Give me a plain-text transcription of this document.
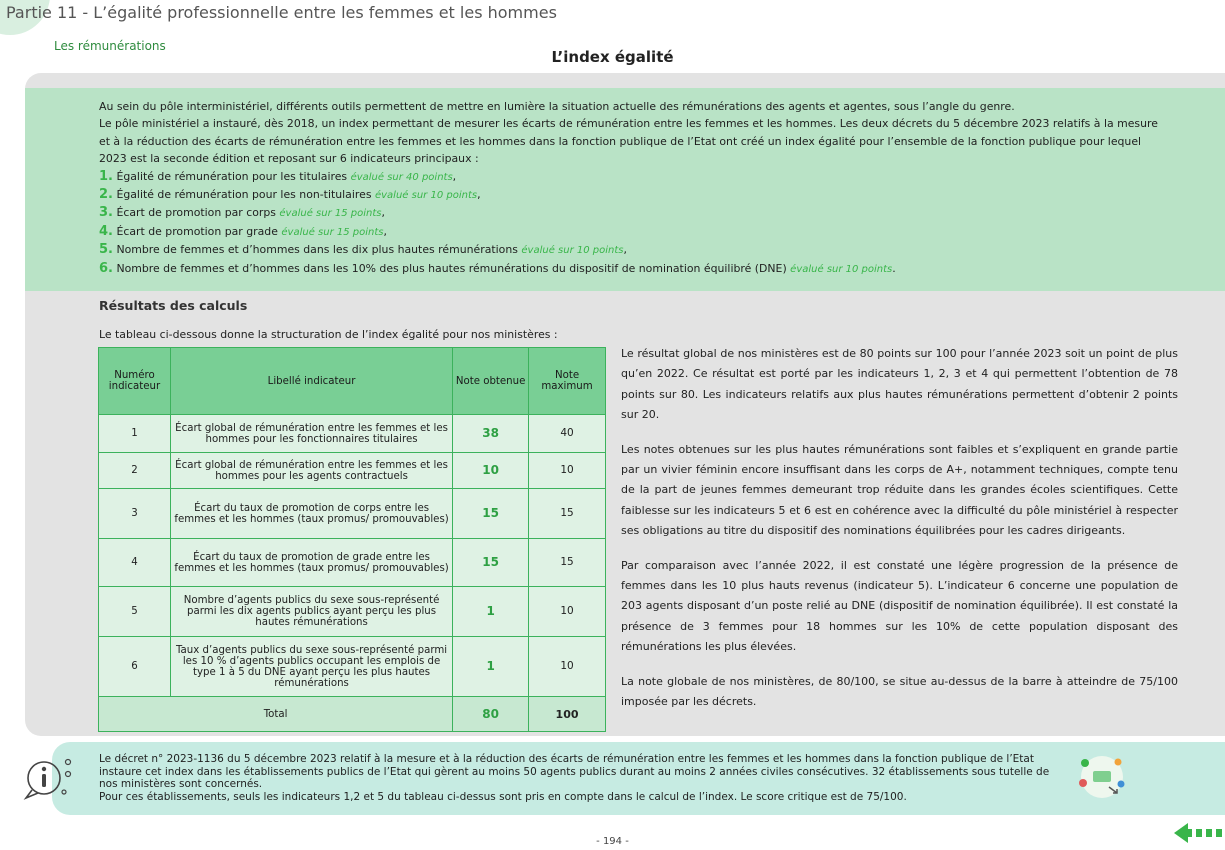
Partie 11 - L’égalité professionnelle entre les femmes et les hommes
Les rémunérations
L’index égalité

Au sein du pôle interministériel, différents outils permettent de mettre en lumière la situation actuelle des rémunérations des agents et agentes, sous l’angle du genre.

Le pôle ministériel a instauré, dès 2018, un index permettant de mesurer les écarts de rémunération entre les femmes et les hommes. Les deux décrets du 5 décembre 2023 relatifs à la mesure et à la réduction des écarts de rémunération entre les femmes et les hommes dans la fonction publique de l’Etat ont créé un index égalité pour l’ensemble de la fonction publique pour lequel 2023 est la seconde édition et reposant sur 6 indicateurs principaux :

1. Égalité de rémunération pour les titulaires évalué sur 40 points,
2. Égalité de rémunération pour les non-titulaires évalué sur 10 points,
3. Écart de promotion par corps évalué sur 15 points,
4. Écart de promotion par grade évalué sur 15 points,
5. Nombre de femmes et d’hommes dans les dix plus hautes rémunérations évalué sur 10 points,
6. Nombre de femmes et d’hommes dans les 10% des plus hautes rémunérations du dispositif de nomination équilibré (DNE) évalué sur 10 points.
Résultats des calculs
Le tableau ci-dessous donne la structuration de l’index égalité pour nos ministères :
Numéro indicateur	Libellé indicateur	Note obtenue	Note maximum
1	Écart global de rémunération entre les femmes et les hommes pour les fonctionnaires titulaires	38	40
2	Écart global de rémunération entre les femmes et les hommes pour les agents contractuels	10	10
3	Écart du taux de promotion de corps entre les femmes et les hommes (taux promus/ promouvables)	15	15
4	Écart du taux de promotion de grade entre les femmes et les hommes (taux promus/ promouvables)	15	15
5	Nombre d’agents publics du sexe sous-représenté parmi les dix agents publics ayant perçu les plus hautes rémunérations	1	10
6	Taux d’agents publics du sexe sous-représenté parmi les 10 % d’agents publics occupant les emplois de type 1 à 5 du DNE ayant perçu les plus hautes rémunérations	1	10
Total		80	100

Le résultat global de nos ministères est de 80 points sur 100 pour l’année 2023 soit un point de plus qu’en 2022. Ce résultat est porté par les indicateurs 1, 2, 3 et 4 qui permettent l’obtention de 78 points sur 80. Les indicateurs relatifs aux plus hautes rémunérations permettent d’obtenir 2 points sur 20.

Les notes obtenues sur les plus hautes rémunérations sont faibles et s’expliquent en grande partie par un vivier féminin encore insuffisant dans les corps de A+, notamment techniques, compte tenu de la part de jeunes femmes demeurant trop réduite dans les grandes écoles scientifiques. Cette faiblesse sur les indicateurs 5 et 6 est en cohérence avec la difficulté du pôle ministériel à respecter ses obligations au titre du dispositif des nominations équilibrées pour les cadres dirigeants.

Par comparaison avec l’année 2022, il est constaté une légère progression de la présence de femmes dans les 10 plus hauts revenus (indicateur 5). L’indicateur 6 concerne une population de 203 agents disposant d’un poste relié au DNE (dispositif de nomination équilibrée). Il est constaté la présence de 3 femmes pour 18 hommes sur les 10% de cette population disposant des rémunérations les plus élevées.

La note globale de nos ministères, de 80/100, se situe au-dessus de la barre à atteindre de 75/100 imposée par les décrets.

Le décret n° 2023-1136 du 5 décembre 2023 relatif à la mesure et à la réduction des écarts de rémunération entre les femmes et les hommes dans la fonction publique de l’Etat instaure cet index dans les établissements publics de l’Etat qui gèrent au moins 50 agents publics durant au moins 2 années civiles consécutives. 32 établissements sous tutelle de nos ministères sont concernés.

Pour ces établissements, seuls les indicateurs 1,2 et 5 du tableau ci-dessus sont pris en compte dans le calcul de l’index. Le score critique est de 75/100.

- 194 -
